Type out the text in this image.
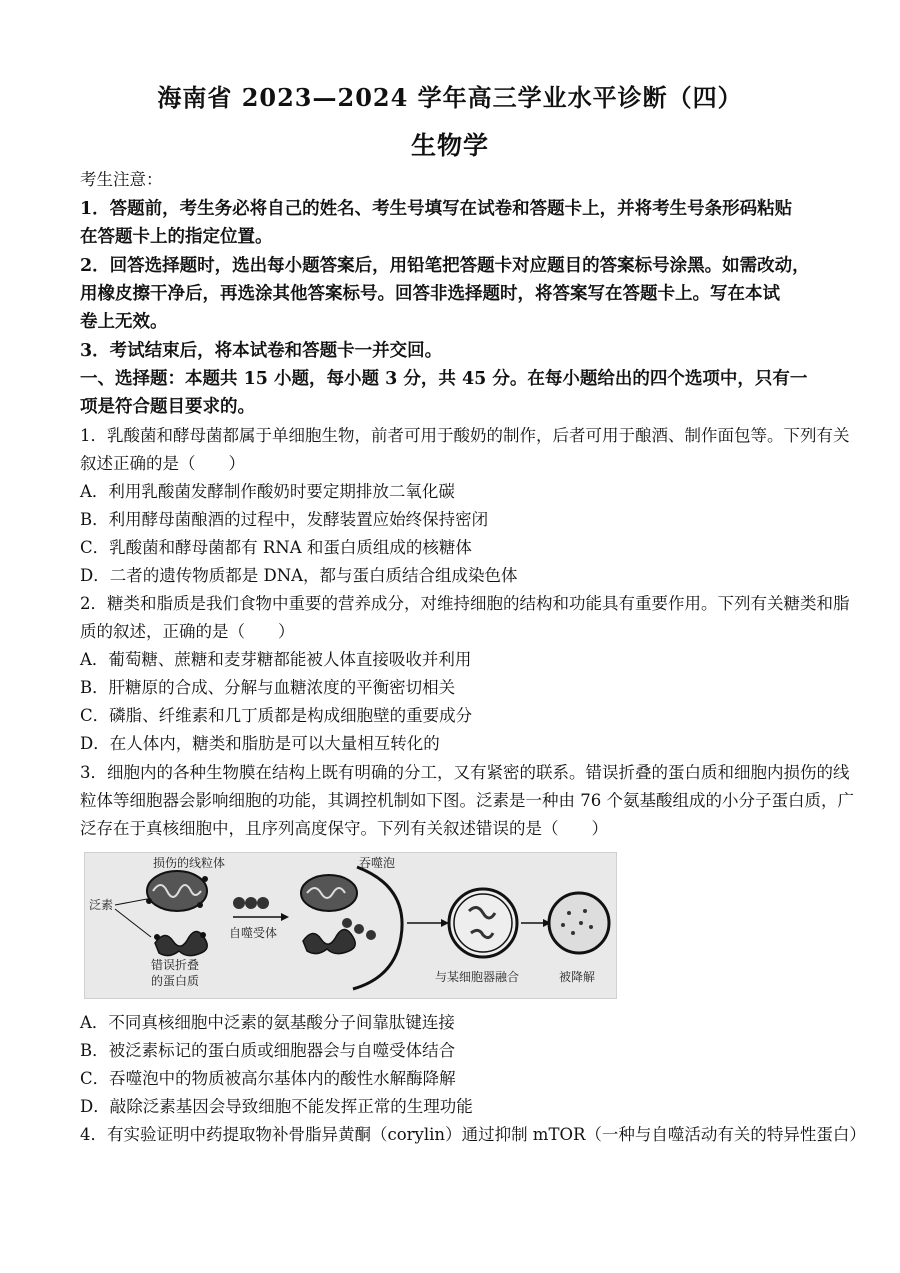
海南省 2023—2024 学年高三学业水平诊断（四）
生物学
考生注意：
1．答题前，考生务必将自己的姓名、考生号填写在试卷和答题卡上，并将考生号条形码粘贴
在答题卡上的指定位置。
2．回答选择题时，选出每小题答案后，用铅笔把答题卡对应题目的答案标号涂黑。如需改动，
用橡皮擦干净后，再选涂其他答案标号。回答非选择题时，将答案写在答题卡上。写在本试
卷上无效。
3．考试结束后，将本试卷和答题卡一并交回。
一、选择题：本题共 15 小题，每小题 3 分，共 45 分。在每小题给出的四个选项中，只有一
项是符合题目要求的。
1．乳酸菌和酵母菌都属于单细胞生物，前者可用于酸奶的制作，后者可用于酿酒、制作面包等。下列有关
叙述正确的是（　　）
A．利用乳酸菌发酵制作酸奶时要定期排放二氧化碳
B．利用酵母菌酿酒的过程中，发酵装置应始终保持密闭
C．乳酸菌和酵母菌都有 RNA 和蛋白质组成的核糖体
D．二者的遗传物质都是 DNA，都与蛋白质结合组成染色体
2．糖类和脂质是我们食物中重要的营养成分，对维持细胞的结构和功能具有重要作用。下列有关糖类和脂
质的叙述，正确的是（　　）
A．葡萄糖、蔗糖和麦芽糖都能被人体直接吸收并利用
B．肝糖原的合成、分解与血糖浓度的平衡密切相关
C．磷脂、纤维素和几丁质都是构成细胞壁的重要成分
D．在人体内，糖类和脂肪是可以大量相互转化的
3．细胞内的各种生物膜在结构上既有明确的分工，又有紧密的联系。错误折叠的蛋白质和细胞内损伤的线
粒体等细胞器会影响细胞的功能，其调控机制如下图。泛素是一种由 76 个氨基酸组成的小分子蛋白质，广
泛存在于真核细胞中，且序列高度保守。下列有关叙述错误的是（　　）
损伤的线粒体
泛素
错误折叠
的蛋白质
自噬受体
吞噬泡
与某细胞器融合	被降解
A．不同真核细胞中泛素的氨基酸分子间靠肽键连接
B．被泛素标记的蛋白质或细胞器会与自噬受体结合
C．吞噬泡中的物质被高尔基体内的酸性水解酶降解
D．敲除泛素基因会导致细胞不能发挥正常的生理功能
4．有实验证明中药提取物补骨脂异黄酮（corylin）通过抑制 mTOR（一种与自噬活动有关的特异性蛋白）
